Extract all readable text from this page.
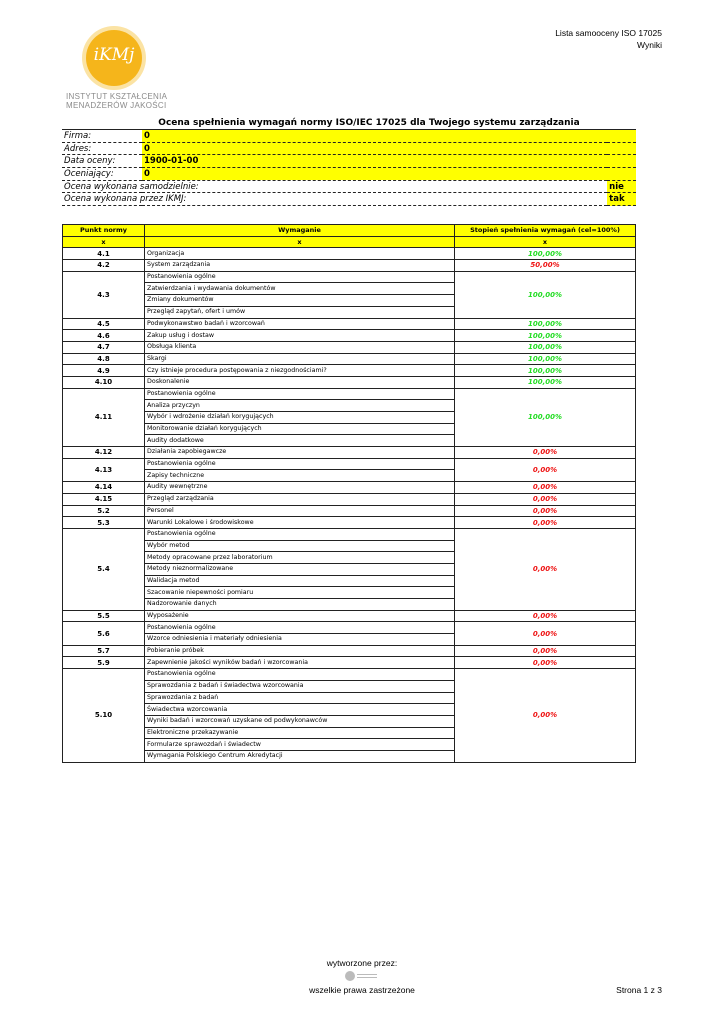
Lista samooceny ISO 17025
Wyniki
iKMj
INSTYTUT KSZTAŁCENIA
MENADŻERÓW JAKOŚCI
Ocena spełnienia wymagań normy ISO/IEC 17025 dla Twojego systemu zarządzania
Firma:	0	
Adres:	0	
Data oceny:	1900-01-00	
Oceniający:	0	
Ocena wykonana samodzielnie:		nie
Ocena wykonana przez IKMJ:		tak
Punkt normy	Wymaganie	Stopień spełnienia wymagań (cel=100%)
x	x	x
4.1	Organizacja	100,00%
4.2	System zarządzania	50,00%
4.3	Postanowienia ogólne	100,00%
	Zatwierdzania i wydawania dokumentów	
	Zmiany dokumentów	
	Przegląd zapytań, ofert i umów	
4.5	Podwykonawstwo badań i wzorcowań	100,00%
4.6	Zakup usług i dostaw	100,00%
4.7	Obsługa klienta	100,00%
4.8	Skargi	100,00%
4.9	Czy istnieje procedura postępowania z niezgodnościami?	100,00%
4.10	Doskonalenie	100,00%
4.11	Postanowienia ogólne	100,00%
	Analiza przyczyn	
	Wybór i wdrożenie działań korygujących	
	Monitorowanie działań korygujących	
	Audity dodatkowe	
4.12	Działania zapobiegawcze	0,00%
4.13	Postanowienia ogólne	0,00%
	Zapisy techniczne	
4.14	Audity wewnętrzne	0,00%
4.15	Przegląd zarządzania	0,00%
5.2	Personel	0,00%
5.3	Warunki Lokalowe i środowiskowe	0,00%
5.4	Postanowienia ogólne	0,00%
	Wybór metod	
	Metody opracowane przez laboratorium	
	Metody nieznormalizowane	
	Walidacja metod	
	Szacowanie niepewności pomiaru	
	Nadzorowanie danych	
5.5	Wyposażenie	0,00%
5.6	Postanowienia ogólne	0,00%
	Wzorce odniesienia i materiały odniesienia	
5.7	Pobieranie próbek	0,00%
5.9	Zapewnienie jakości wyników badań i wzorcowania	0,00%
5.10	Postanowienia ogólne	0,00%
	Sprawozdania z badań i świadectwa wzorcowania	
	Sprawozdania z badań	
	Świadectwa wzorcowania	
	Wyniki badań i wzorcowań uzyskane od podwykonawców	
	Elektroniczne przekazywanie	
	Formularze sprawozdań i świadectw	
	Wymagania Polskiego Centrum Akredytacji	
wytworzone przez:
wszelkie prawa zastrzeżone	Strona 1 z 3
